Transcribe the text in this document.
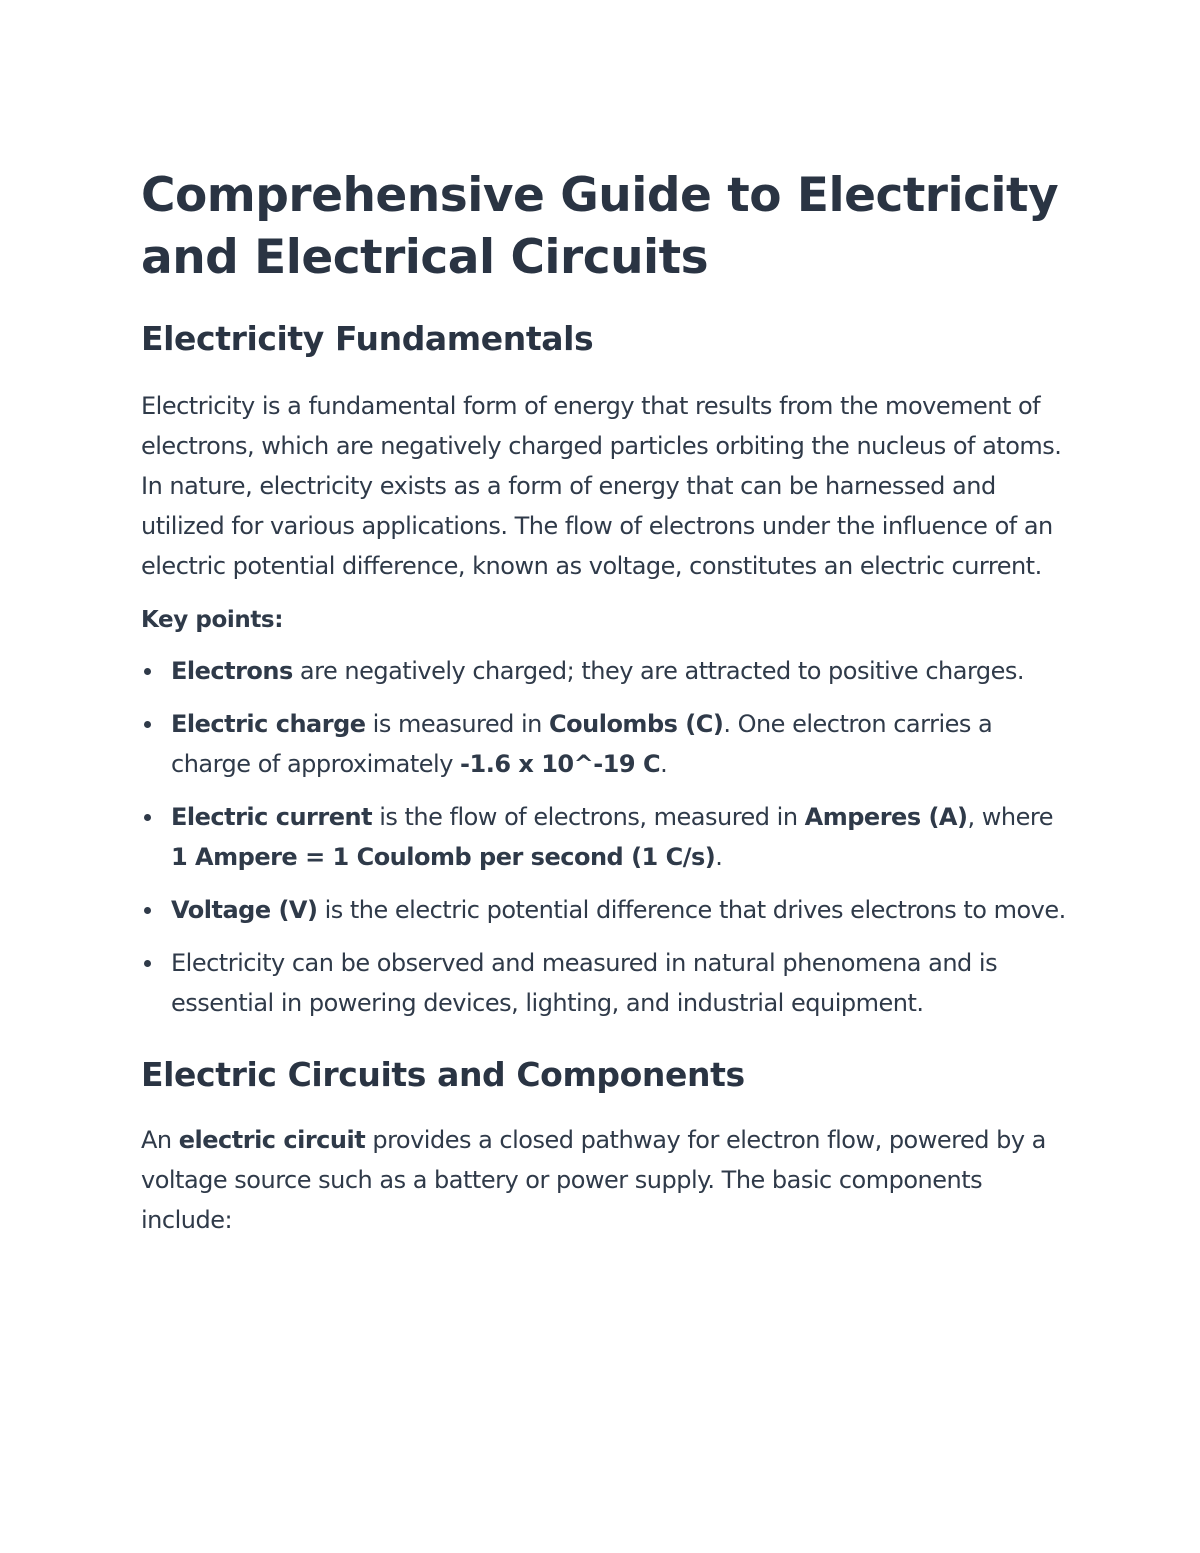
Comprehensive Guide to Electricity and Electrical Circuits
Electricity Fundamentals

Electricity is a fundamental form of energy that results from the movement of electrons, which are negatively charged particles orbiting the nucleus of atoms. In nature, electricity exists as a form of energy that can be harnessed and utilized for various applications. The flow of electrons under the influence of an electric potential difference, known as voltage, constitutes an electric current.

Key points:

Electrons are negatively charged; they are attracted to positive charges.
Electric charge is measured in Coulombs (C). One electron carries a charge of approximately -1.6 x 10^-19 C.
Electric current is the flow of electrons, measured in Amperes (A), where 1 Ampere = 1 Coulomb per second (1 C/s).
Voltage (V) is the electric potential difference that drives electrons to move.
Electricity can be observed and measured in natural phenomena and is essential in powering devices, lighting, and industrial equipment.
Electric Circuits and Components

An electric circuit provides a closed pathway for electron flow, powered by a voltage source such as a battery or power supply. The basic components include:
